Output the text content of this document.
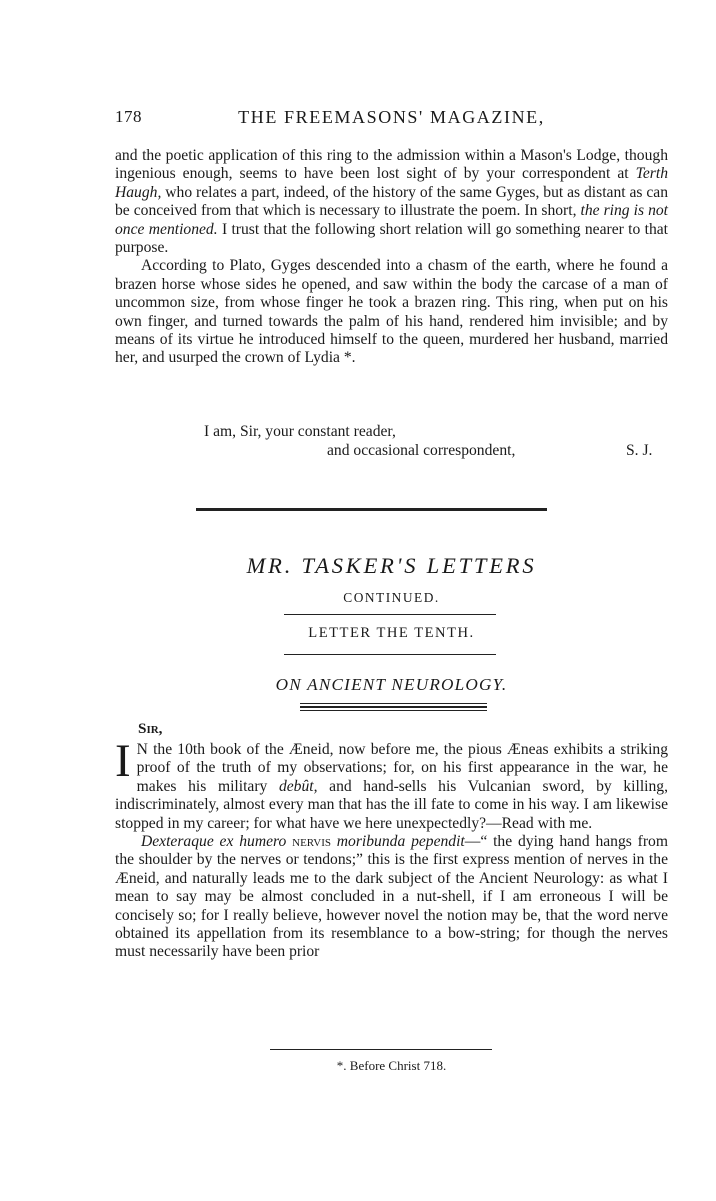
178	THE FREEMASONS' MAGAZINE,

and the poetic application of this ring to the admission within a Mason's Lodge, though ingenious enough, seems to have been lost sight of by your correspondent at Terth Haugh, who relates a part, indeed, of the history of the same Gyges, but as distant as can be conceived from that which is necessary to illustrate the poem. In short, the ring is not once mentioned. I trust that the following short relation will go something nearer to that purpose.

According to Plato, Gyges descended into a chasm of the earth, where he found a brazen horse whose sides he opened, and saw within the body the carcase of a man of uncommon size, from whose finger he took a brazen ring. This ring, when put on his own finger, and turned towards the palm of his hand, rendered him invisible; and by means of its virtue he introduced himself to the queen, murdered her husband, married her, and usurped the crown of Lydia *.

I am, Sir, your constant reader,
and occasional correspondent,	S. J.
MR. TASKER'S LETTERS
CONTINUED.
LETTER THE TENTH.
ON ANCIENT NEUROLOGY.
Sir,

I N the 10th book of the Æneid, now before me, the pious Æneas exhibits a striking proof of the truth of my observations; for, on his first appearance in the war, he makes his military debût, and hand-sells his Vulcanian sword, by killing, indiscriminately, almost every man that has the ill fate to come in his way. I am likewise stopped in my career; for what have we here unexpectedly?—Read with me.

Dexteraque ex humero nervis moribunda pependit—“ the dying hand hangs from the shoulder by the nerves or tendons;” this is the first express mention of nerves in the Æneid, and naturally leads me to the dark subject of the Ancient Neurology: as what I mean to say may be almost concluded in a nut-shell, if I am erroneous I will be concisely so; for I really believe, however novel the notion may be, that the word nerve obtained its appellation from its resemblance to a bow-string; for though the nerves must necessarily have been prior

*. Before Christ 718.
